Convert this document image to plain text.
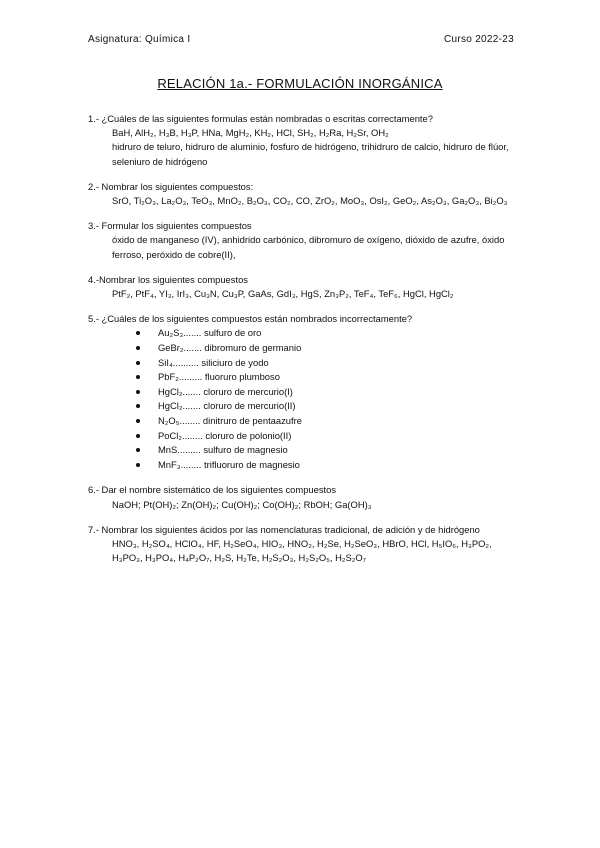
Asignatura: Química I	Curso 2022-23
RELACIÓN 1a.- FORMULACIÓN INORGÁNICA
1.- ¿Cuáles de las siguientes formulas están nombradas o escritas correctamente?
BaH, AlH₂, H₃B, H₃P, HNa, MgH₂, KH₂, HCl, SH₂, H₂Ra, H₂Sr, OH₂
hidruro de teluro, hidruro de aluminio, fosfuro de hidrógeno, trihidruro de calcio, hidruro de flúor, seleniuro de hidrógeno
2.- Nombrar los siguientes compuestos:
SrO, Ti₂O₃, La₂O₃, TeO₃, MnO₂, B₂O₃, CO₂, CO, ZrO₂, MoO₃, OsI₂, GeO₂, As₂O₃, Ga₂O₃, Bi₂O₃
3.- Formular los siguientes compuestos
óxido de manganeso (IV), anhidrido carbónico, dibromuro de oxígeno, dióxido de azufre, óxido ferroso, peróxido de cobre(II),
4.-Nombrar los siguientes compuestos
PtF₂, PtF₄, YI₃, IrI₃, Cu₃N, Cu₃P, GaAs, GdI₃, HgS, Zn₃P₂, TeF₄, TeF₆, HgCl, HgCl₂
5.- ¿Cuáles de los siguientes compuestos están nombrados incorrectamente?
Au₂S₃....... sulfuro de oro
GeBr₂....... dibromuro de germanio
SiI₄.......... siliciuro de yodo
PbF₂......... fluoruro plumboso
HgCl₂....... cloruro de mercurio(I)
HgCl₂....... cloruro de mercurio(II)
N₂O₅........ dinitruro de pentaazufre
PoCl₂........ cloruro de polonio(II)
MnS......... sulfuro de magnesio
MnF₃........ trifluoruro de magnesio
6.- Dar el nombre sistemático de los siguientes compuestos
NaOH; Pt(OH)₂; Zn(OH)₂; Cu(OH)₂; Co(OH)₂; RbOH; Ga(OH)₃
7.- Nombrar los siguientes ácidos por las nomenclaturas tradicional, de adición y de hidrógeno
HNO₃, H₂SO₄, HClO₄, HF, H₂SeO₄, HIO₃, HNO₂, H₂Se, H₂SeO₃, HBrO, HCl, H₅IO₆, H₃PO₂, H₃PO₃, H₃PO₄, H₄P₂O₇, H₂S, H₂Te, H₂S₂O₃, H₂S₂O₅, H₂S₂O₇
